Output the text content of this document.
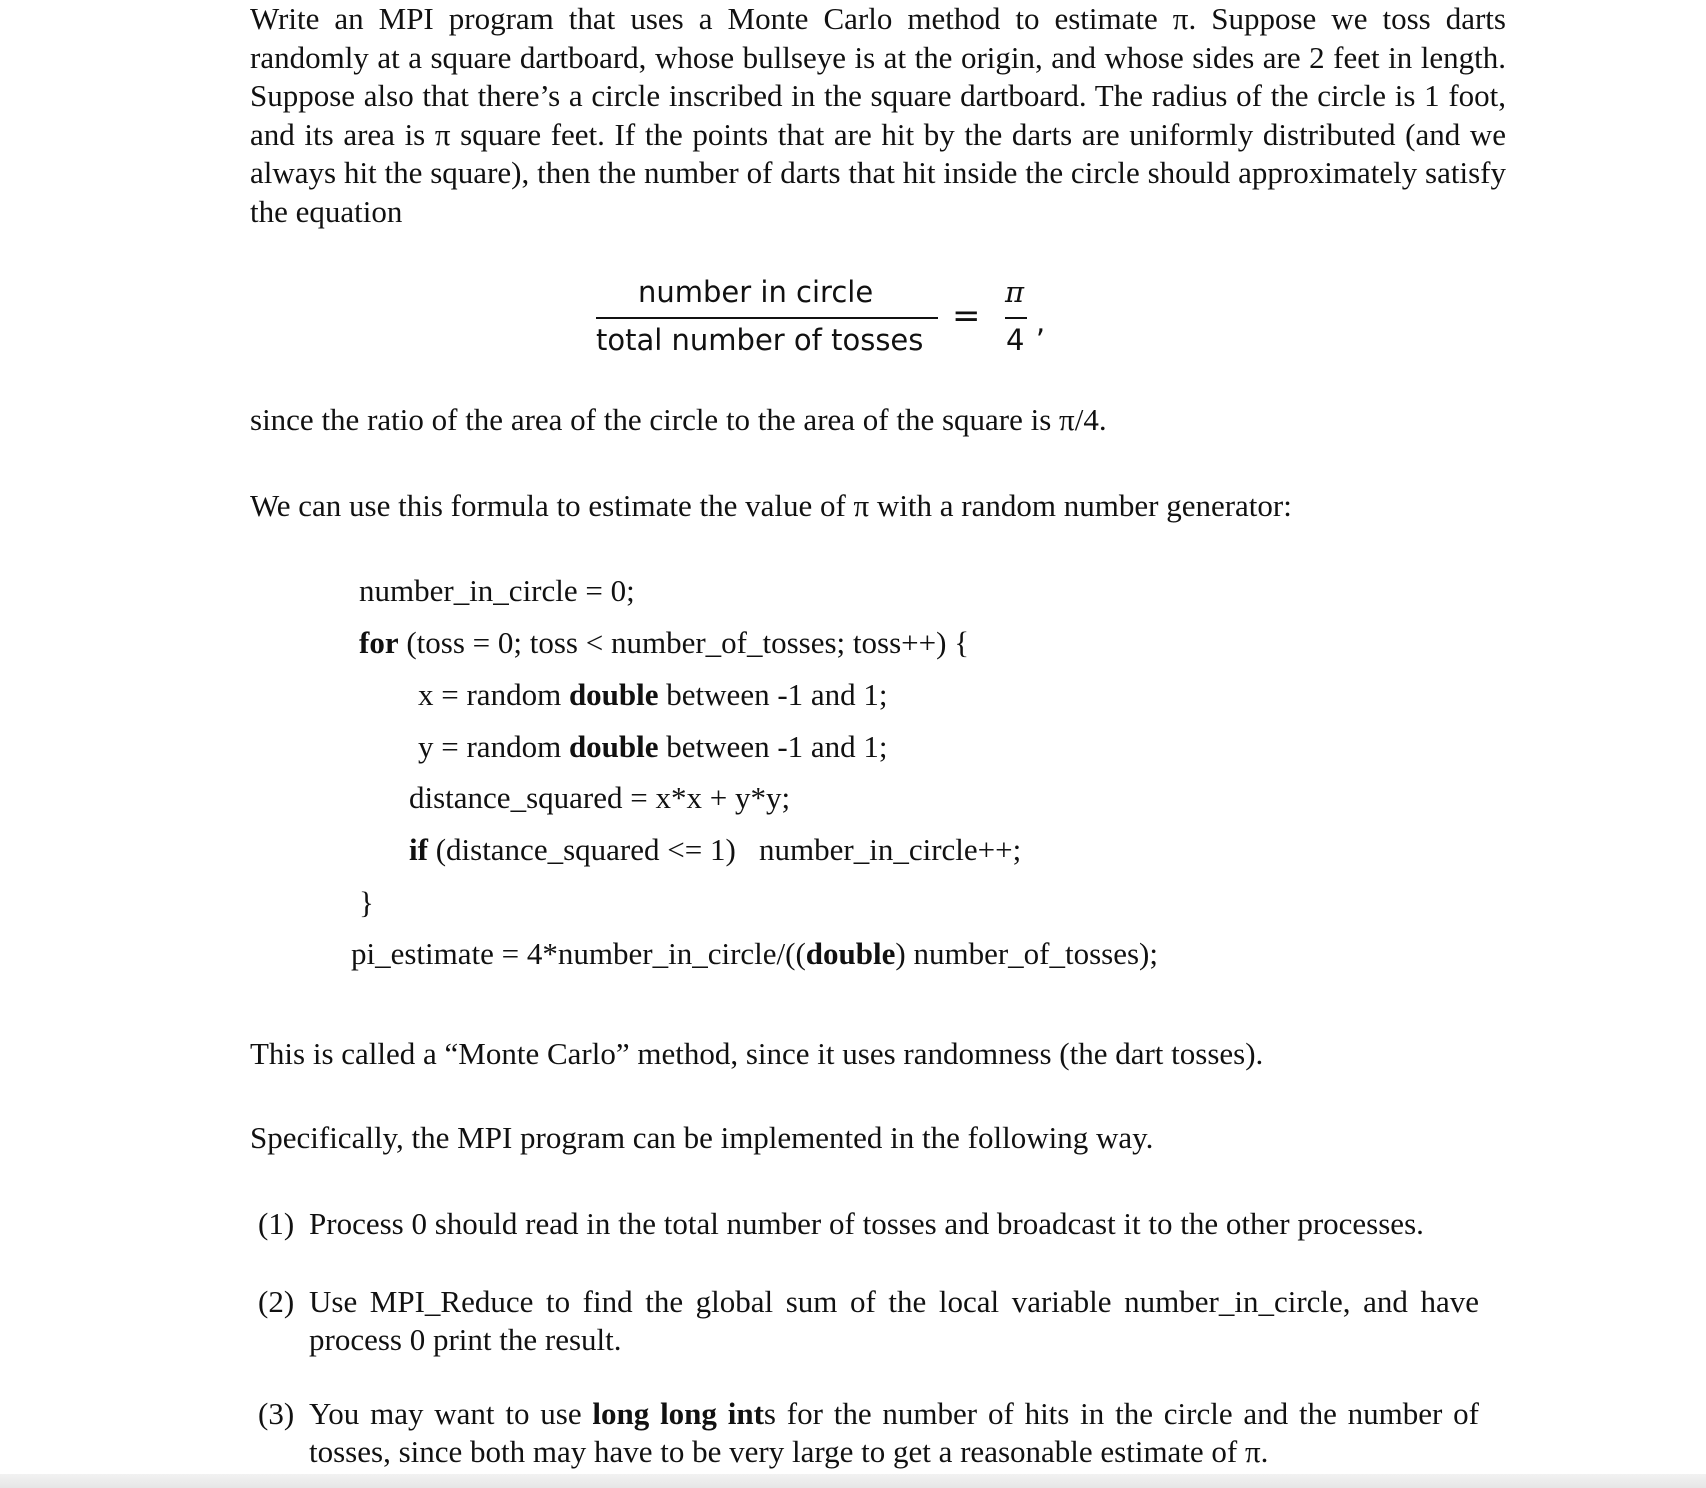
Write an MPI program that uses a Monte Carlo method to estimate π. Suppose we toss darts randomly at a square dartboard, whose bullseye is at the origin, and whose sides are 2 feet in length. Suppose also that there’s a circle inscribed in the square dartboard. The radius of the circle is 1 foot, and its area is π square feet. If the points that are hit by the darts are uniformly distributed (and we always hit the square), then the number of darts that hit inside the circle should approximately satisfy the equation

number in circle
total number of tosses
=
π
4
,

since the ratio of the area of the circle to the area of the square is π/4.

We can use this formula to estimate the value of π with a random number generator:

number_in_circle = 0;
for (toss = 0; toss < number_of_tosses; toss++) {
x = random double between -1 and 1;
y = random double between -1 and 1;
distance_squared = x*x + y*y;
if (distance_squared <= 1)   number_in_circle++;
}
pi_estimate = 4*number_in_circle/((double) number_of_tosses);

This is called a “Monte Carlo” method, since it uses randomness (the dart tosses).

Specifically, the MPI program can be implemented in the following way.

(1) Process 0 should read in the total number of tosses and broadcast it to the other processes.
(2) Use MPI_Reduce to find the global sum of the local variable number_in_circle, and have process 0 print the result.
(3) You may want to use long long ints for the number of hits in the circle and the number of tosses, since both may have to be very large to get a reasonable estimate of π.
